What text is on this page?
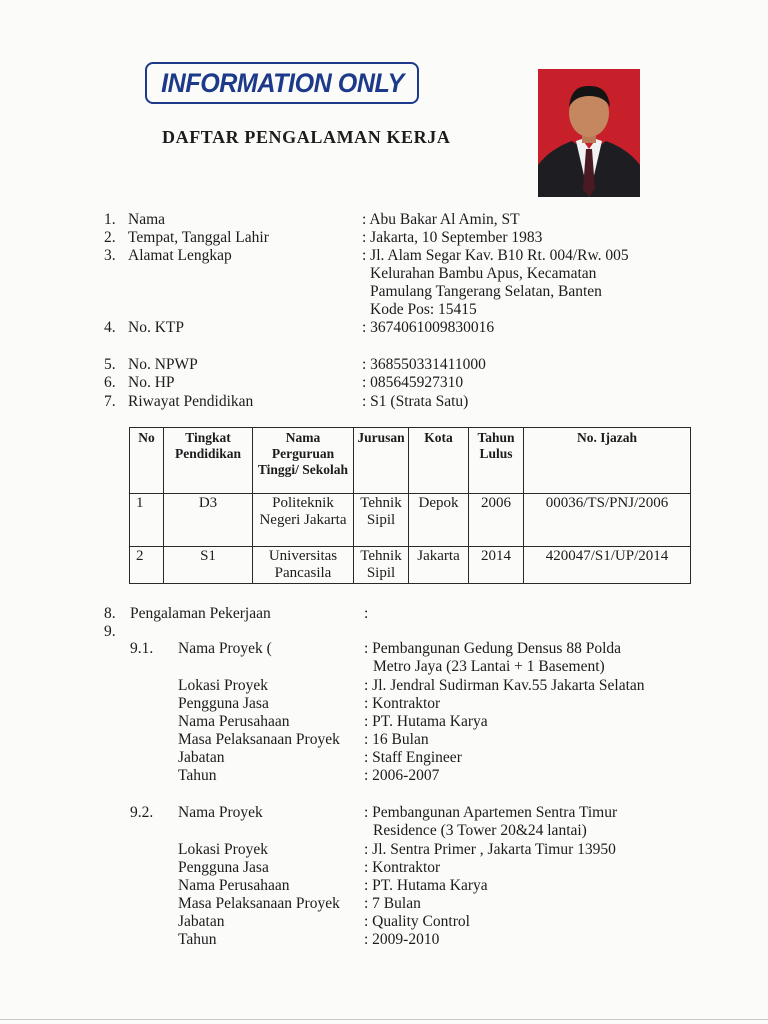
INFORMATION ONLY
DAFTAR PENGALAMAN KERJA
1. Nama	: Abu Bakar Al Amin, ST
2. Tempat, Tanggal Lahir	: Jakarta, 10 September 1983
3. Alamat Lengkap	: Jl. Alam Segar Kav. B10 Rt. 004/Rw. 005
Kelurahan Bambu Apus, Kecamatan
Pamulang Tangerang Selatan, Banten
Kode Pos: 15415
4. No. KTP	: 3674061009830016
5. No. NPWP	: 368550331411000
6. No. HP	: 085645927310
7. Riwayat Pendidikan	: S1 (Strata Satu)
No	Tingkat Pendidikan	Nama Perguruan Tinggi/ Sekolah	Jurusan	Kota	Tahun Lulus	No. Ijazah
1	D3	Politeknik Negeri Jakarta	Tehnik Sipil	Depok	2006	00036/TS/PNJ/2006
2	S1	Universitas Pancasila	Tehnik Sipil	Jakarta	2014	420047/S1/UP/2014
8. Pengalaman Pekerjaan	:
9.
9.1. Nama Proyek (	: Pembangunan Gedung Densus 88 Polda
Metro Jaya (23 Lantai + 1 Basement)
Lokasi Proyek	: Jl. Jendral Sudirman Kav.55 Jakarta Selatan
Pengguna Jasa	: Kontraktor
Nama Perusahaan	: PT. Hutama Karya
Masa Pelaksanaan Proyek : 16 Bulan
Jabatan	: Staff Engineer
Tahun	: 2006-2007
9.2. Nama Proyek	: Pembangunan Apartemen Sentra Timur
Residence (3 Tower 20&24 lantai)
Lokasi Proyek	: Jl. Sentra Primer , Jakarta Timur 13950
Pengguna Jasa	: Kontraktor
Nama Perusahaan	: PT. Hutama Karya
Masa Pelaksanaan Proyek : 7 Bulan
Jabatan	: Quality Control
Tahun	: 2009-2010
